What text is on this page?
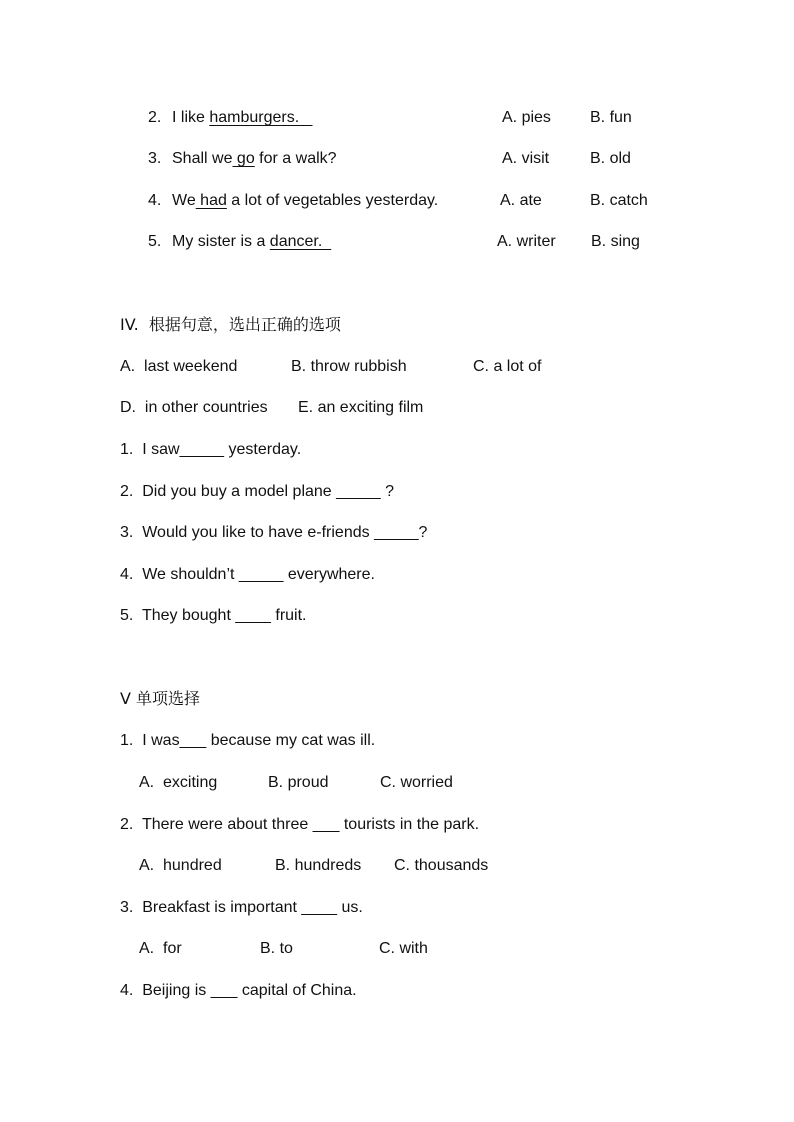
2. I like hamburgers.	A. pies B. fun
3. Shall we go for a walk?	A. visit	B. old
4. We had a lot of vegetables yesterday.	A. ate	B. catch
5. My sister is a dancer.	A. writer B. sing
IV.  根据句意，选出正确的选项
A.  last weekend	B. throw rubbish	C. a lot of
D.  in other countries E. an exciting film
1.  I saw_____ yesterday.
2.  Did you buy a model plane _____ ?
3.  Would you like to have e-friends _____?
4.  We shouldn’t _____ everywhere.
5.  They bought ____ fruit.
V 单项选择
1.  I was___ because my cat was ill.
A.  exciting	B. proud	C. worried
2.  There were about three ___ tourists in the park.
A.  hundred	B. hundreds C. thousands
3.  Breakfast is important ____ us.
A.  for	B. to	C. with
4.  Beijing is ___ capital of China.
